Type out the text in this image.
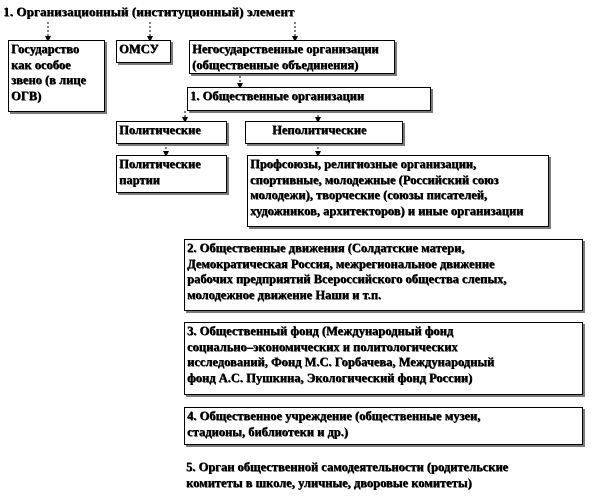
1. Организационный (институционный) элемент
Государство
как особое
звено (в лице
ОГВ)
ОМСУ	Негосударственные организации
(общественные объединения)
1. Общественные организации
Политические	Неполитические
Политические
партии
Профсоюзы, религиозные организации,
спортивные, молодежные (Российский союз
молодежи), творческие (союзы писателей,
художников, архитекторов) и иные организации
2. Общественные движения (Солдатские матери,
Демократическая Россия, межрегиональное движение
рабочих предприятий Всероссийского общества слепых,
молодежное движение Наши и т.п.
3. Общественный фонд (Международный фонд
социально–экономических и политологических
исследований, Фонд М.С. Горбачева, Международный
фонд А.С. Пушкина, Экологический фонд России)
4. Общественное учреждение (общественные музеи,
стадионы, библиотеки и др.)
5. Орган общественной самодеятельности (родительские
комитеты в школе, уличные, дворовые комитеты)
